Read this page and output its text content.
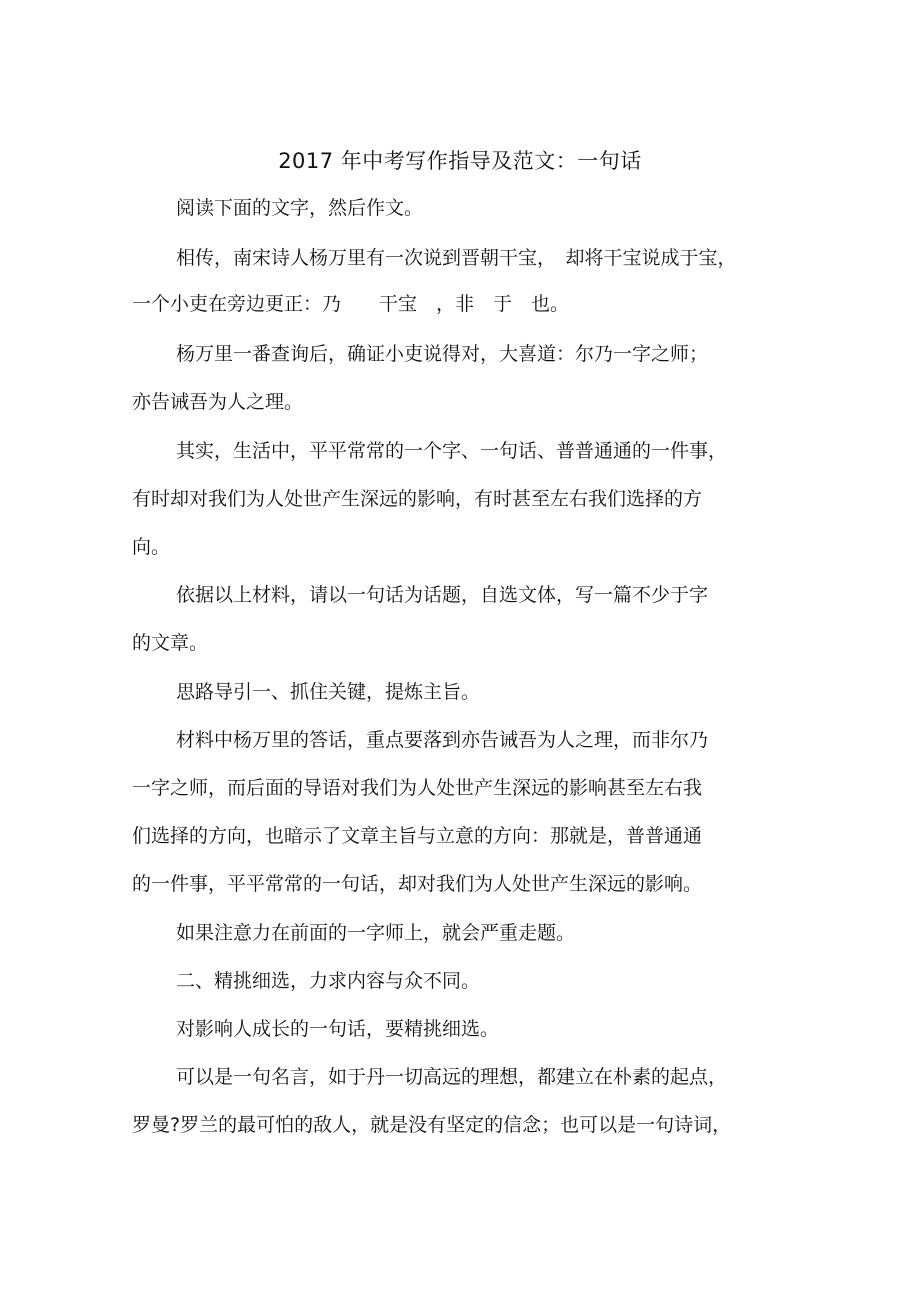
2017 年中考写作指导及范文：一句话
阅读下面的文字，然后作文。
相传，南宋诗人杨万里有一次说到晋朝干宝，　却将干宝说成于宝，
一个小吏在旁边更正：乃　　干宝　，非　于　也。
杨万里一番查询后，确证小吏说得对，大喜道：尔乃一字之师；
亦告诫吾为人之理。
其实，生活中，平平常常的一个字、一句话、普普通通的一件事，
有时却对我们为人处世产生深远的影响，有时甚至左右我们选择的方
向。
依据以上材料，请以一句话为话题，自选文体，写一篇不少于字
的文章。
思路导引一、抓住关键，提炼主旨。
材料中杨万里的答话，重点要落到亦告诫吾为人之理，而非尔乃
一字之师，而后面的导语对我们为人处世产生深远的影响甚至左右我
们选择的方向，也暗示了文章主旨与立意的方向：那就是，普普通通
的一件事，平平常常的一句话，却对我们为人处世产生深远的影响。
如果注意力在前面的一字师上，就会严重走题。
二、精挑细选，力求内容与众不同。
对影响人成长的一句话，要精挑细选。
可以是一句名言，如于丹一切高远的理想，都建立在朴素的起点，
罗曼?罗兰的最可怕的敌人，就是没有坚定的信念；也可以是一句诗词，
